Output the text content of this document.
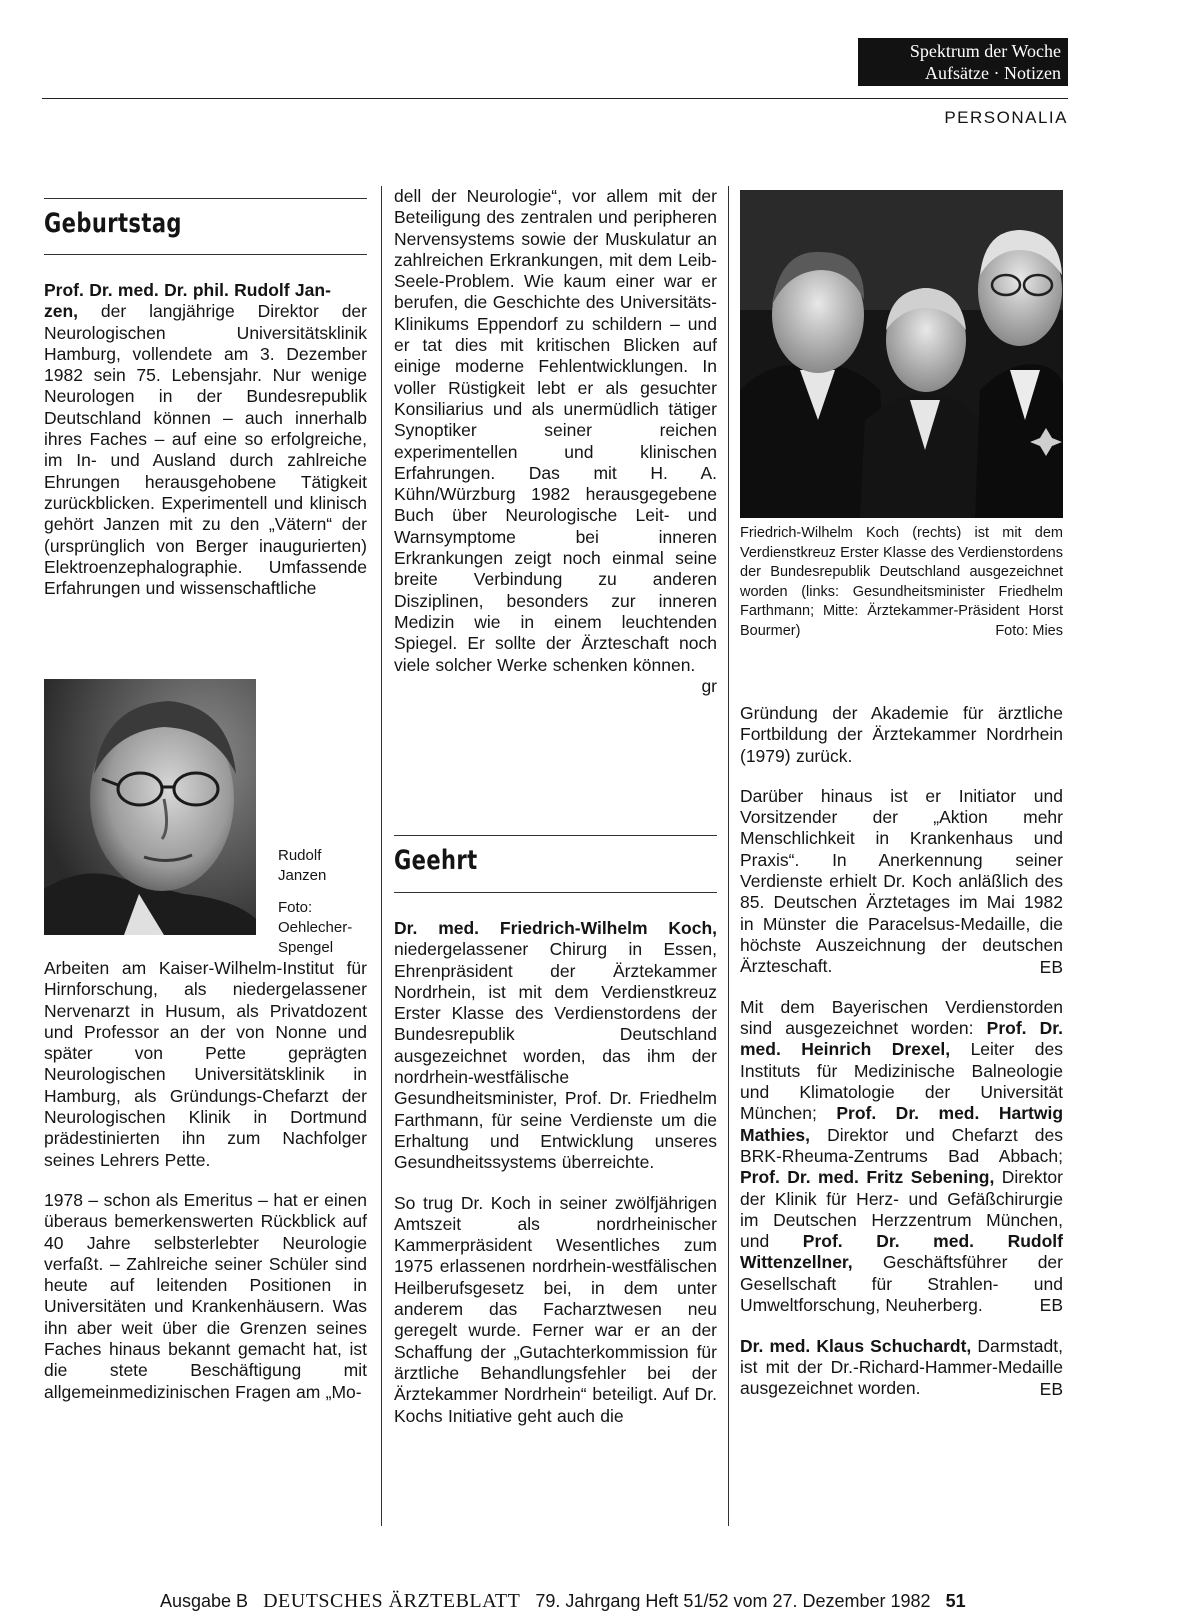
Spektrum der Woche
Aufsätze · Notizen
PERSONALIA
Geburtstag

Prof. Dr. med. Dr. phil. Rudolf Jan-
zen, der langjährige Direktor der Neurologischen Universitätsklinik Hamburg, vollendete am 3. Dezember 1982 sein 75. Lebensjahr. Nur wenige Neurologen in der Bundesrepublik Deutschland können – auch innerhalb ihres Faches – auf eine so erfolgreiche, im In- und Ausland durch zahlreiche Ehrungen herausgehobene Tätigkeit zurückblicken. Experimentell und klinisch gehört Janzen mit zu den „Vätern“ der (ursprünglich von Berger inaugurierten) Elektroenzephalographie. Umfassende Erfahrungen und wissenschaftliche

Rudolf Janzen
Foto: Oehlecher-Spengel

Arbeiten am Kaiser-Wilhelm-Institut für Hirnforschung, als niedergelassener Nervenarzt in Husum, als Privatdozent und Professor an der von Nonne und später von Pette geprägten Neurologischen Universitätsklinik in Hamburg, als Gründungs-Chefarzt der Neurologischen Klinik in Dortmund prädestinierten ihn zum Nachfolger seines Lehrers Pette.

1978 – schon als Emeritus – hat er einen überaus bemerkenswerten Rückblick auf 40 Jahre selbsterlebter Neurologie verfaßt. – Zahlreiche seiner Schüler sind heute auf leitenden Positionen in Universitäten und Krankenhäusern. Was ihn aber weit über die Grenzen seines Faches hinaus bekannt gemacht hat, ist die stete Beschäftigung mit allgemeinmedizinischen Fragen am „Mo-

dell der Neurologie“, vor allem mit der Beteiligung des zentralen und peripheren Nervensystems sowie der Muskulatur an zahlreichen Erkrankungen, mit dem Leib-Seele-Problem. Wie kaum einer war er berufen, die Geschichte des Universitäts-Klinikums Eppendorf zu schildern – und er tat dies mit kritischen Blicken auf einige moderne Fehlentwicklungen. In voller Rüstigkeit lebt er als gesuchter Konsiliarius und als unermüdlich tätiger Synoptiker seiner reichen experimentellen und klinischen Erfahrungen. Das mit H. A. Kühn/Würzburg 1982 herausgegebene Buch über Neurologische Leit- und Warnsymptome bei inneren Erkrankungen zeigt noch einmal seine breite Verbindung zu anderen Disziplinen, besonders zur inneren Medizin wie in einem leuchtenden Spiegel. Er sollte der Ärzteschaft noch viele solcher Werke schenken können.

gr
Geehrt

Dr. med. Friedrich-Wilhelm Koch, niedergelassener Chirurg in Essen, Ehrenpräsident der Ärztekammer Nordrhein, ist mit dem Verdienstkreuz Erster Klasse des Verdienstordens der Bundesrepublik Deutschland ausgezeichnet worden, das ihm der nordrhein-westfälische Gesundheitsminister, Prof. Dr. Friedhelm Farthmann, für seine Verdienste um die Erhaltung und Entwicklung unseres Gesundheitssystems überreichte.

So trug Dr. Koch in seiner zwölfjährigen Amtszeit als nordrheinischer Kammerpräsident Wesentliches zum 1975 erlassenen nordrhein-westfälischen Heilberufsgesetz bei, in dem unter anderem das Facharztwesen neu geregelt wurde. Ferner war er an der Schaffung der „Gutachterkommission für ärztliche Behandlungsfehler bei der Ärztekammer Nordrhein“ beteiligt. Auf Dr. Kochs Initiative geht auch die

Friedrich-Wilhelm Koch (rechts) ist mit dem Verdienstkreuz Erster Klasse des Verdienstordens der Bundesrepublik Deutschland ausgezeichnet worden (links: Gesundheitsminister Friedhelm Farthmann; Mitte: Ärztekammer-Präsident Horst Bourmer)	Foto: Mies

Gründung der Akademie für ärztliche Fortbildung der Ärztekammer Nordrhein (1979) zurück.

Darüber hinaus ist er Initiator und Vorsitzender der „Aktion mehr Menschlichkeit in Krankenhaus und Praxis“. In Anerkennung seiner Verdienste erhielt Dr. Koch anläßlich des 85. Deutschen Ärztetages im Mai 1982 in Münster die Paracelsus-Medaille, die höchste Auszeichnung der deutschen Ärzteschaft.	EB

Mit dem Bayerischen Verdienstorden sind ausgezeichnet worden: Prof. Dr. med. Heinrich Drexel, Leiter des Instituts für Medizinische Balneologie und Klimatologie der Universität München; Prof. Dr. med. Hartwig Mathies, Direktor und Chefarzt des BRK-Rheuma-Zentrums Bad Abbach; Prof. Dr. med. Fritz Sebening, Direktor der Klinik für Herz- und Gefäßchirurgie im Deutschen Herzzentrum München, und Prof. Dr. med. Rudolf Wittenzellner, Geschäftsführer der Gesellschaft für Strahlen- und Umweltforschung, Neuherberg.	EB

Dr. med. Klaus Schuchardt, Darmstadt, ist mit der Dr.-Richard-Hammer-Medaille ausgezeichnet worden.	EB
Ausgabe B DEUTSCHES ÄRZTEBLATT 79. Jahrgang Heft 51/52 vom 27. Dezember 1982 51
